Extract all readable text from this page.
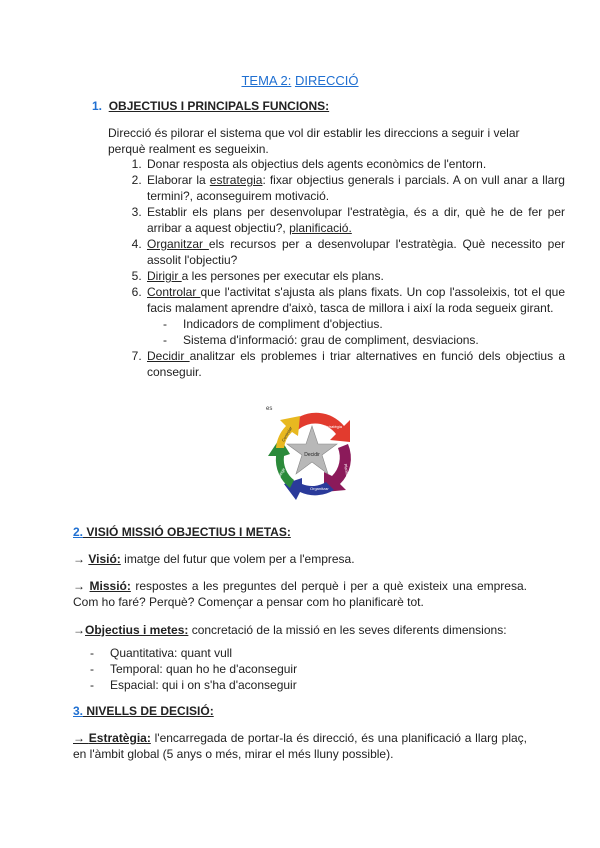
TEMA 2: DIRECCIÓ
1. OBJECTIUS I PRINCIPALS FUNCIONS:
Direcció és pilorar el sistema que vol dir establir les direccions a seguir i velar perquè realment es segueixin.
1. Donar resposta als objectius dels agents econòmics de l'entorn.
2. Elaborar la estrategia: fixar objectius generals i parcials. A on vull anar a llarg termini?, aconseguirem motivació.
3. Establir els plans per desenvolupar l'estratègia, és a dir, què he de fer per arribar a aquest objectiu?, planificació.
4. Organitzar els recursos per a desenvolupar l'estratègia. Què necessito per assolit l'objectiu?
5. Dirigir a les persones per executar els plans.
6. Controlar que l'activitat s'ajusta als plans fixats. Un cop l'assoleixis, tot el que facis malament aprendre d'això, tasca de millora i així la roda segueix girant.
- Indicadors de compliment d'objectius.
- Sistema d'informació: grau de compliment, desviacions.
7. Decidir analitzar els problemes i triar alternatives en funció dels objectius a conseguir.
es
Decidir
Estratègia
Planificació
Organitzar
Dirigir
Controlar
2. VISIÓ MISSIÓ OBJECTIUS I METAS:
→ Visió: imatge del futur que volem per a l'empresa.
→ Missió: respostes a les preguntes del perquè i per a què existeix una empresa. Com ho faré? Perquè? Començar a pensar com ho planificarè tot.
→Objectius i metes: concretació de la missió en les seves diferents dimensions:
- Quantitativa: quant vull
- Temporal: quan ho he d'aconseguir
- Espacial: qui i on s'ha d'aconseguir
3. NIVELLS DE DECISIÓ:
→ Estratègia: l'encarregada de portar-la és direcció, és una planificació a llarg plaç, en l'àmbit global (5 anys o més, mirar el més lluny possible).
